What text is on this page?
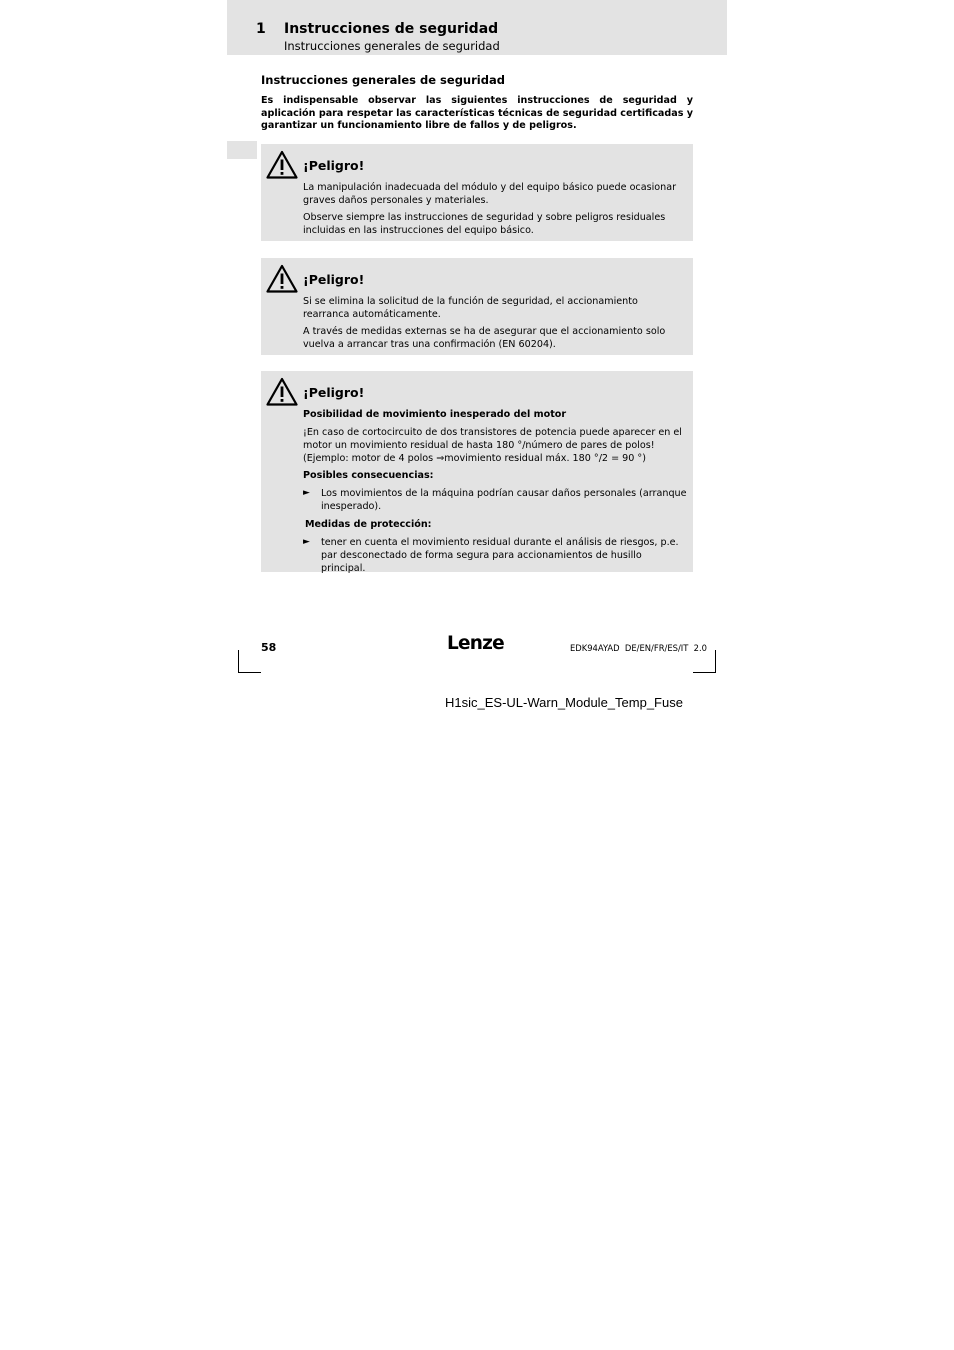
1 Instrucciones de seguridad
Instrucciones generales de seguridad
Instrucciones generales de seguridad
Es indispensable observar las siguientes instrucciones de seguridad y aplicación para respetar las características técnicas de seguridad certificadas y garantizar un funcionamiento libre de fallos y de peligros.
¡Peligro!

La manipulación inadecuada del módulo y del equipo básico puede ocasionar graves daños personales y materiales.

Observe siempre las instrucciones de seguridad y sobre peligros residuales incluidas en las instrucciones del equipo básico.

¡Peligro!

Si se elimina la solicitud de la función de seguridad, el accionamiento rearranca automáticamente.

A través de medidas externas se ha de asegurar que el accionamiento solo vuelva a arrancar tras una confirmación (EN 60204).

¡Peligro!

Posibilidad de movimiento inesperado del motor

¡En caso de cortocircuito de dos transistores de potencia puede aparecer en el motor un movimiento residual de hasta 180 °/número de pares de polos! (Ejemplo: motor de 4 polos ⇒movimiento residual máx. 180 °/2 = 90 °)

Posibles consecuencias:

► Los movimientos de la máquina podrían causar daños personales (arranque inesperado).

Medidas de protección:

► tener en cuenta el movimiento residual durante el análisis de riesgos, p.e. par desconectado de forma segura para accionamientos de husillo principal.
58	Lenze	EDK94AYAD  DE/EN/FR/ES/IT  2.0
H1sic_ES-UL-Warn_Module_Temp_Fuse
